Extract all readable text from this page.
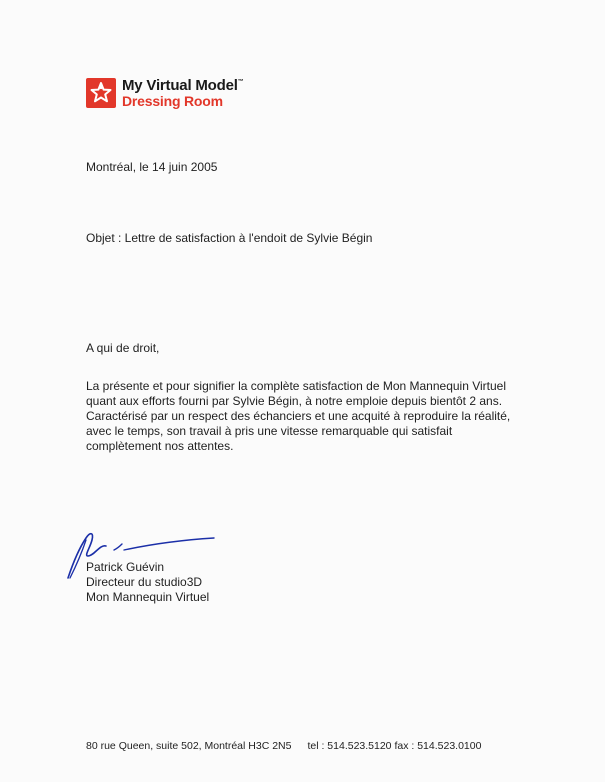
My Virtual Model™
Dressing Room
Montréal, le 14 juin 2005
Objet : Lettre de satisfaction à l'endoit de Sylvie Bégin
A qui de droit,
La présente et pour signifier la complète satisfaction de Mon Mannequin Virtuel
quant aux efforts fourni par Sylvie Bégin, à notre emploie depuis bientôt 2 ans.
Caractérisé par un respect des échanciers et une acquité à reproduire la réalité,
avec le temps, son travail à pris une vitesse remarquable qui satisfait
complètement nos attentes.
Patrick Guévin
Directeur du studio3D
Mon Mannequin Virtuel
80 rue Queen, suite 502, Montréal H3C 2N5 tel : 514.523.5120 fax : 514.523.0100
